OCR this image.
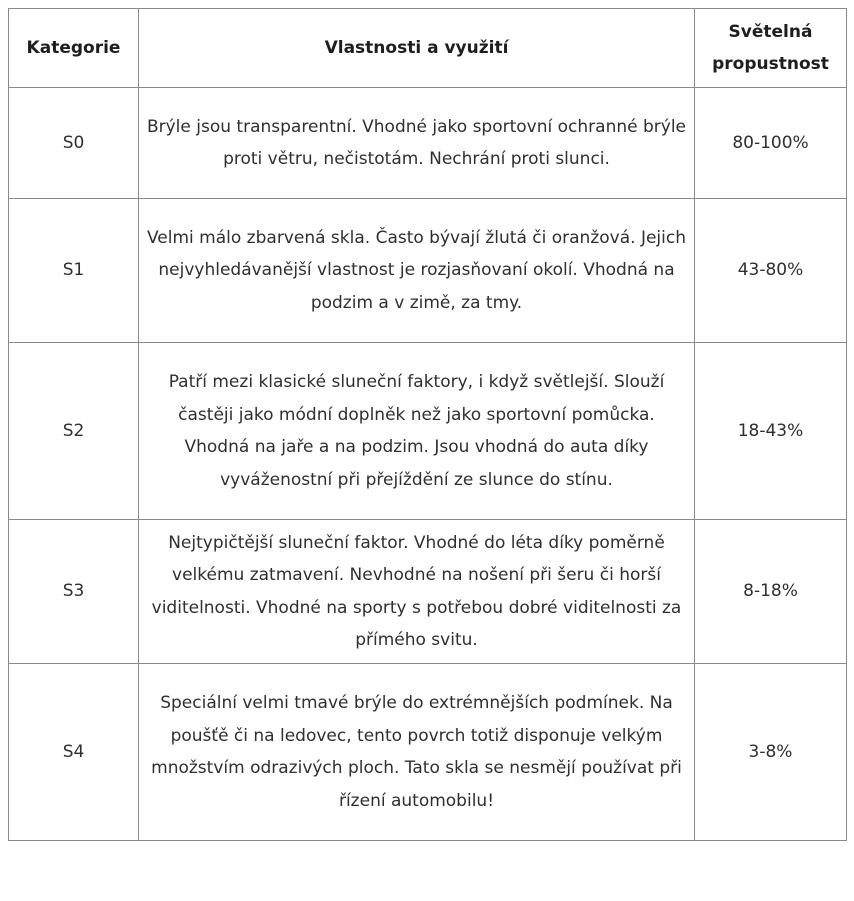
Kategorie	Vlastnosti a využití	Světelná propustnost
S0	Brýle jsou transparentní. Vhodné jako sportovní ochranné brýle proti větru, nečistotám. Nechrání proti slunci.	80-100%
S1	Velmi málo zbarvená skla. Často bývají žlutá či oranžová. Jejich nejvyhledávanější vlastnost je rozjasňovaní okolí. Vhodná na podzim a v zimě, za tmy.	43-80%
S2	Patří mezi klasické sluneční faktory, i když světlejší. Slouží častěji jako módní doplněk než jako sportovní pomůcka. Vhodná na jaře a na podzim. Jsou vhodná do auta díky vyváženostní při přejíždění ze slunce do stínu.	18-43%
S3	Nejtypičtější sluneční faktor. Vhodné do léta díky poměrně velkému zatmavení. Nevhodné na nošení při šeru či horší viditelnosti. Vhodné na sporty s potřebou dobré viditelnosti za přímého svitu.	8-18%
S4	Speciální velmi tmavé brýle do extrémnějších podmínek. Na poušťě či na ledovec, tento povrch totiž disponuje velkým množstvím odrazivých ploch. Tato skla se nesmějí používat při řízení automobilu!	3-8%
